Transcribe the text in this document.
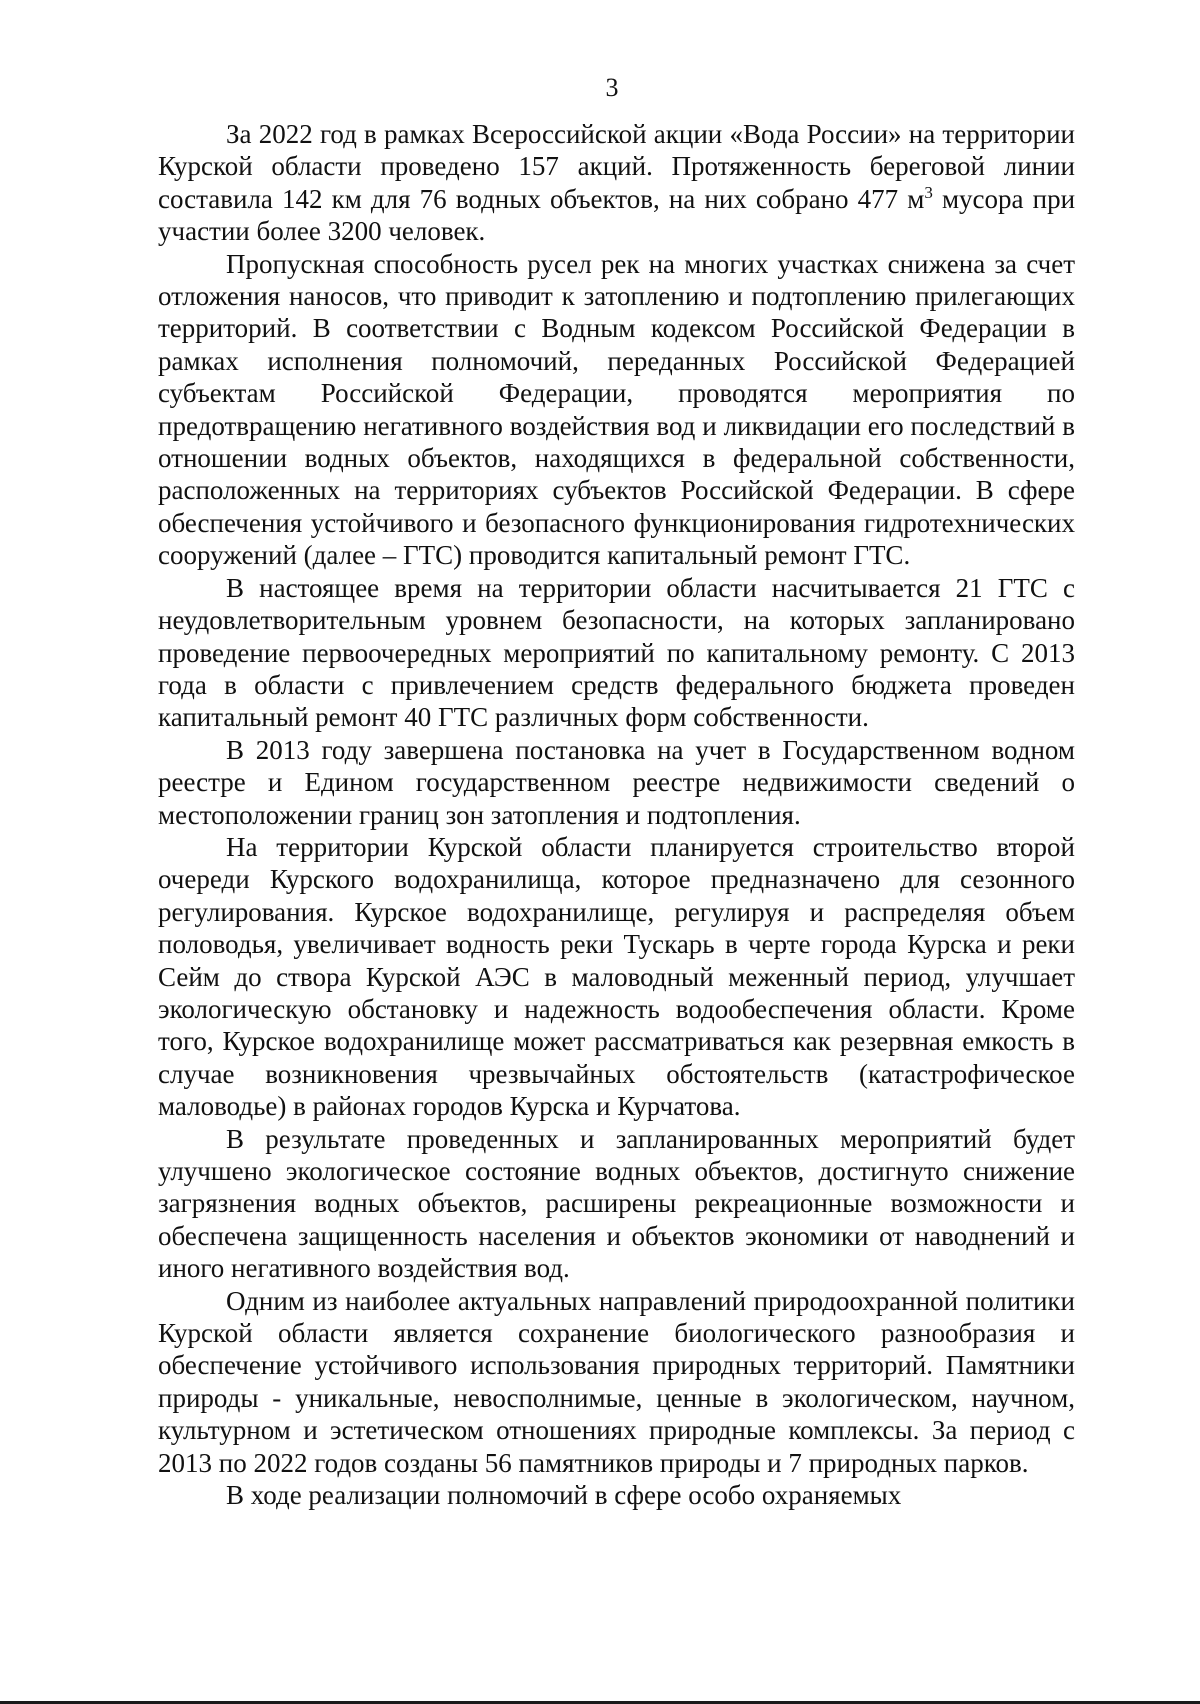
3

За 2022 год в рамках Всероссийской акции «Вода России» на территории Курской области проведено 157 акций. Протяженность береговой линии составила 142 км для 76 водных объектов, на них собрано 477 $м^3$ мусора при участии более 3200 человек.

Пропускная способность русел рек на многих участках снижена за счет отложения наносов, что приводит к затоплению и подтоплению прилегающих территорий. В соответствии с Водным кодексом Российской Федерации в рамках исполнения полномочий, переданных Российской Федерацией субъектам Российской Федерации, проводятся мероприятия по предотвращению негативного воздействия вод и ликвидации его последствий в отношении водных объектов, находящихся в федеральной собственности, расположенных на территориях субъектов Российской Федерации. В сфере обеспечения устойчивого и безопасного функционирования гидротехнических сооружений (далее – ГТС) проводится капитальный ремонт ГТС.

В настоящее время на территории области насчитывается 21 ГТС с неудовлетворительным уровнем безопасности, на которых запланировано проведение первоочередных мероприятий по капитальному ремонту. С 2013 года в области с привлечением средств федерального бюджета проведен капитальный ремонт 40 ГТС различных форм собственности.

В 2013 году завершена постановка на учет в Государственном водном реестре и Едином государственном реестре недвижимости сведений о местоположении границ зон затопления и подтопления.

На территории Курской области планируется строительство второй очереди Курского водохранилища, которое предназначено для сезонного регулирования. Курское водохранилище, регулируя и распределяя объем половодья, увеличивает водность реки Тускарь в черте города Курска и реки Сейм до створа Курской АЭС в маловодный меженный период, улучшает экологическую обстановку и надежность водообеспечения области. Кроме того, Курское водохранилище может рассматриваться как резервная емкость в случае возникновения чрезвычайных обстоятельств (катастрофическое маловодье) в районах городов Курска и Курчатова.

В результате проведенных и запланированных мероприятий будет улучшено экологическое состояние водных объектов, достигнуто снижение загрязнения водных объектов, расширены рекреационные возможности и обеспечена защищенность населения и объектов экономики от наводнений и иного негативного воздействия вод.

Одним из наиболее актуальных направлений природоохранной политики Курской области является сохранение биологического разнообразия и обеспечение устойчивого использования природных территорий. Памятники природы - уникальные, невосполнимые, ценные в экологическом, научном, культурном и эстетическом отношениях природные комплексы. За период с 2013 по 2022 годов созданы 56 памятников природы и 7 природных парков.

В ходе реализации полномочий в сфере особо охраняемых
